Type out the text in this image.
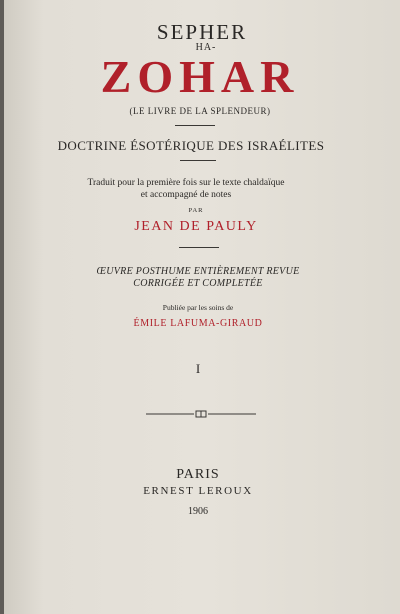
SEPHER
HA-
ZOHAR
(LE LIVRE DE LA SPLENDEUR)
DOCTRINE ÉSOTÉRIQUE DES ISRAÉLITES
Traduit pour la première fois sur le texte chaldaïque
et accompagné de notes
PAR
JEAN DE PAULY
ŒUVRE POSTHUME ENTIÈREMENT REVUE
CORRIGÉE ET COMPLETÉE
Publiée par les soins de
ÉMILE LAFUMA-GIRAUD
I
PARIS
ERNEST LEROUX
1906
